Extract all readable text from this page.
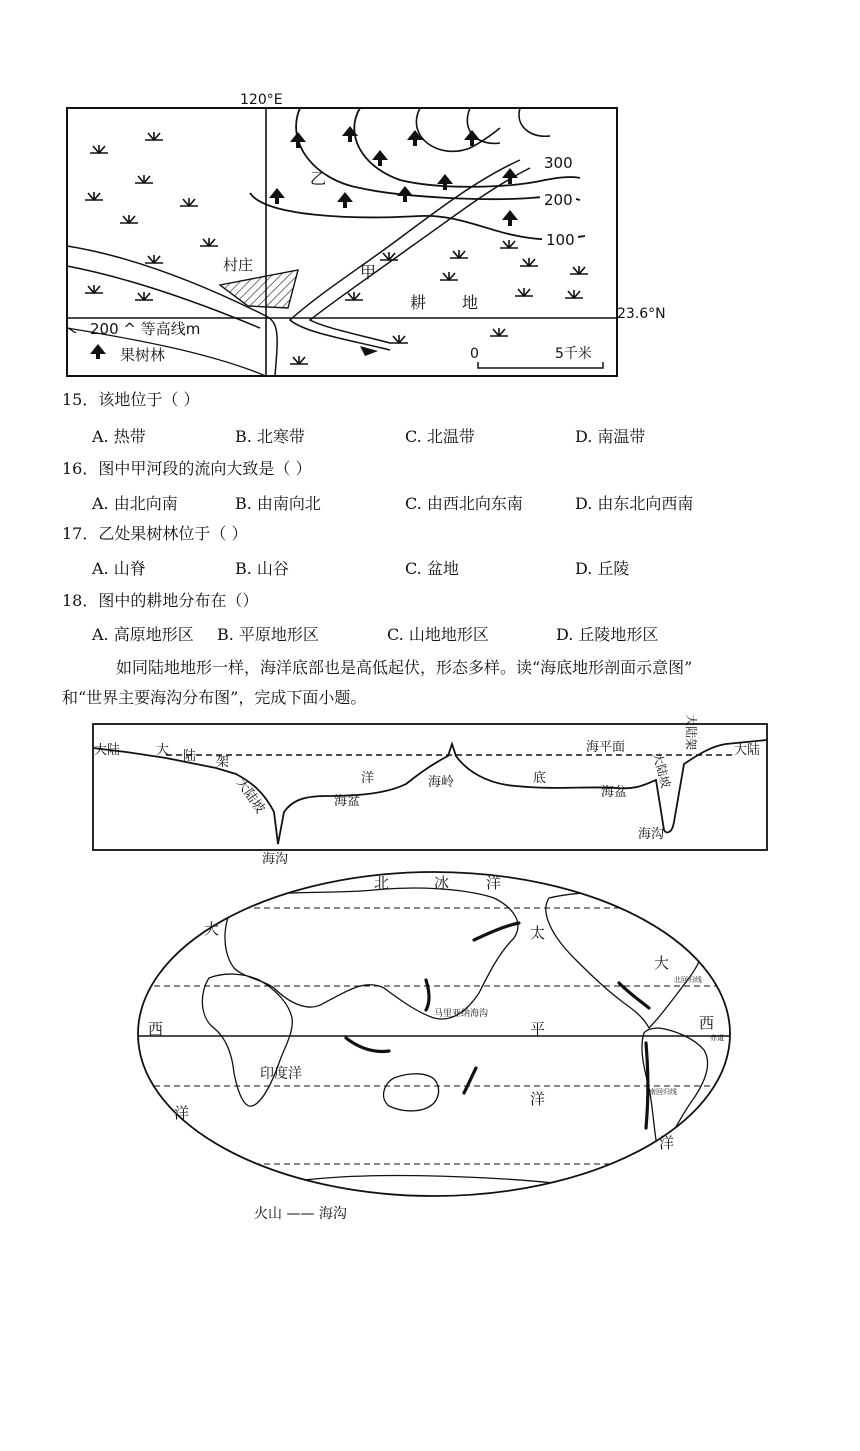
120°E
23.6°N
300
200
100
村庄
乙
甲
耕 地
200 ^ 等高线m
果树林	0	5千米
15．该地位于（ ）
A. 热带	B. 北寒带	C. 北温带	D. 南温带
16．图中甲河段的流向大致是（ ）
A. 由北向南	B. 由南向北	C. 由西北向东南	D. 由东北向西南
17．乙处果树林位于（ ）
A. 山脊	B. 山谷	C. 盆地	D. 丘陵
18．图中的耕地分布在（）
A. 高原地形区 B. 平原地形区	C. 山地地形区	D. 丘陵地形区
如同陆地地形一样，海洋底部也是高低起伏，形态多样。读“海底地形剖面示意图”
和“世界主要海沟分布图”，完成下面小题。
大陆	大 陆 架
大陆坡
海沟
洋
海盆
海岭	底
海平面
海盆
大陆架
大陆坡
海沟
大陆
北	冰 洋
大
西
洋
太
平
洋
大
西
洋
印度洋
马里亚纳海沟
北回归线
南回归线
赤道
火山 —— 海沟
